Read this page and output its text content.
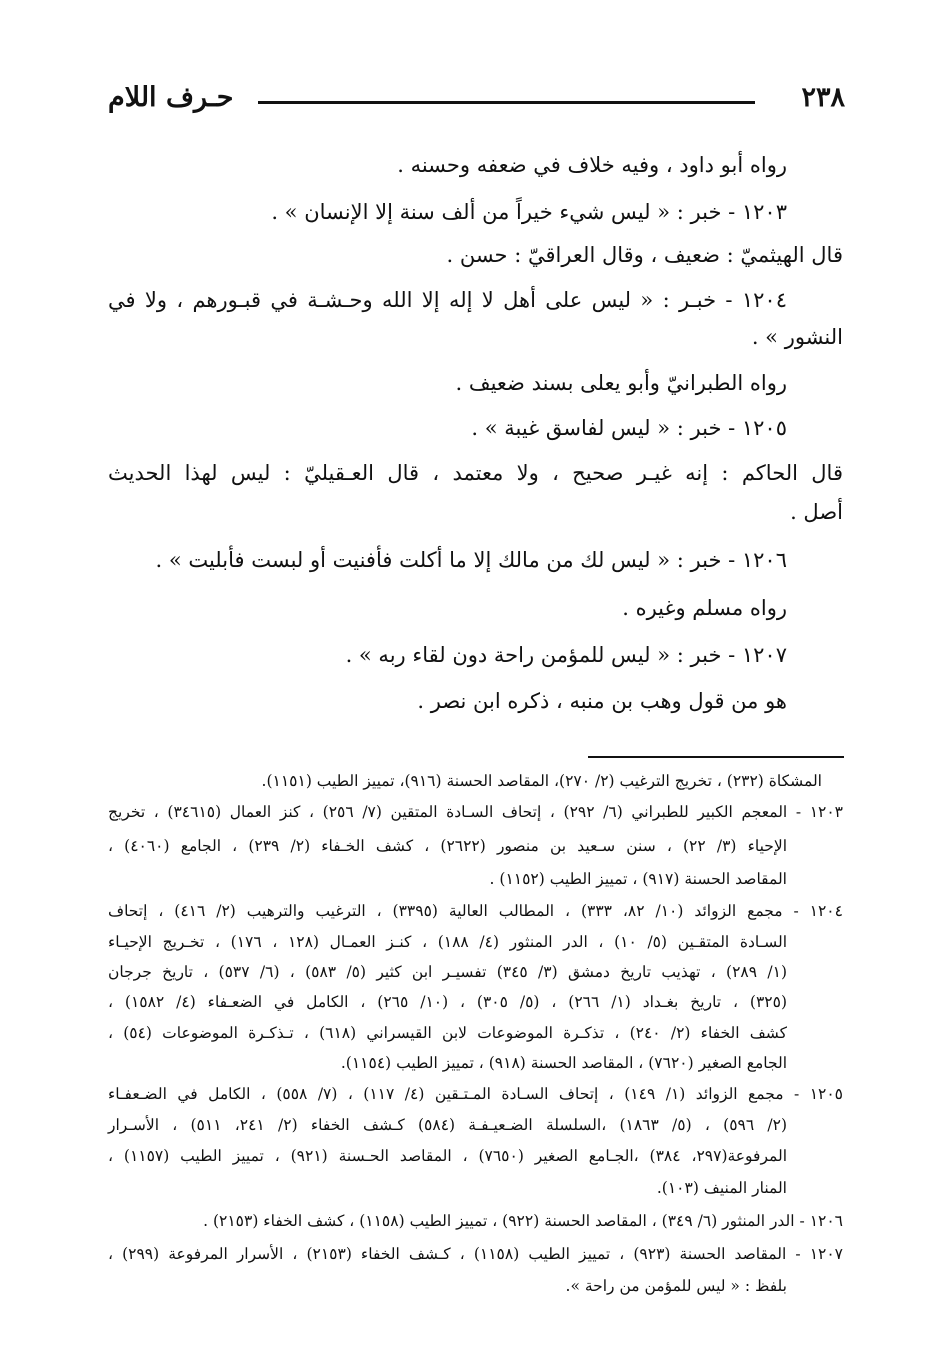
٢٣٨
حـرف اللام
رواه أبو داود ، وفيه خلاف في ضعفه وحسنه .
١٢٠٣ - خبر : « ليس شيء خيراً من ألف سنة إلا الإنسان » .
قال الهيثميّ : ضعيف ، وقال العراقيّ : حسن .
١٢٠٤ - خبـر : « ليس على أهل لا إله إلا الله وحـشـة في قبـورهم ، ولا في
النشور » .
رواه الطبرانيّ وأبو يعلى بسند ضعيف .
١٢٠٥ - خبر : « ليس لفاسق غيبة » .
قال الحاكم : إنه غيـر صحيح ، ولا معتمد ، قال العـقيليّ : ليس لهذا الحديث
أصل .
١٢٠٦ - خبر : « ليس لك من مالك إلا ما أكلت فأفنيت أو لبست فأبليت » .
رواه مسلم وغيره .
١٢٠٧ - خبر : « ليس للمؤمن راحة دون لقاء ربه » .
هو من قول وهب بن منبه ، ذكره ابن نصر .
المشكاة (٢٣٢) ، تخريج الترغيب (٢/ ٢٧٠)، المقاصد الحسنة (٩١٦)، تمييز الطيب (١١٥١).
١٢٠٣ - المعجم الكبير للطبراني (٦/ ٢٩٢) ، إتحاف السـادة المتقين (٧/ ٢٥٦) ، كنز العمال (٣٤٦١٥) ، تخريج
الإحياء (٣/ ٢٢) ، سنن سـعيد بن منصور (٢٦٢٢) ، كشف الخـفاء (٢/ ٢٣٩) ، الجامع (٤٠٦٠) ،
المقاصد الحسنة (٩١٧) ، تمييز الطيب (١١٥٢) .
١٢٠٤ - مجمع الزوائد (١٠/ ٨٢، ٣٣٣) ، المطالب العالية (٣٣٩٥) ، الترغيب والترهيب (٢/ ٤١٦) ، إتحاف
السـادة المتقـين (٥/ ١٠) ، الدر المنثور (٤/ ١٨٨) ، كنـز العمـال (١٢٨ ، ١٧٦) ، تخـريج الإحيـاء
(١/ ٢٨٩) ، تهذيب تاريخ دمشق (٣/ ٣٤٥) تفسيـر ابن كثير (٥/ ٥٨٣) ، (٦/ ٥٣٧) ، تاريخ جرجان
(٣٢٥) ، تاريخ بغـداد (١/ ٢٦٦) ، (٥/ ٣٠٥) ، (١٠/ ٢٦٥) ، الكامل في الضعـفاء (٤/ ١٥٨٢) ،
كشف الخفاء (٢/ ٢٤٠) ، تذكـرة الموضوعات لابن القيسراني (٦١٨) ، تـذكـرة الموضوعات (٥٤) ،
الجامع الصغير (٧٦٢٠) ، المقاصد الحسنة (٩١٨) ، تمييز الطيب (١١٥٤).
١٢٠٥ - مجمع الزوائد (١/ ١٤٩) ، إتحاف السـادة المـتـقين (٤/ ١١٧) ، (٧/ ٥٥٨) ، الكامل في الضـعفـاء
(٢/ ٥٩٦) ، (٥/ ١٨٦٣) ،السلسلة الضـعيـفـة (٥٨٤) كـشف الخفاء (٢/ ٢٤١، ٥١١) ، الأسـرار
المرفوعة(٢٩٧، ٣٨٤) ،الجـامع الصغير (٧٦٥٠) ، المقاصد الحـسنة (٩٢١) ، تمييز الطيب (١١٥٧) ،
المنار المنيف (١٠٣).
١٢٠٦ - الدر المنثور (٦/ ٣٤٩) ، المقاصد الحسنة (٩٢٢) ، تمييز الطيب (١١٥٨) ، كشف الخفاء (٢١٥٣) .
١٢٠٧ - المقاصد الحسنة (٩٢٣) ، تمييز الطيب (١١٥٨) ، كـشف الخفاء (٢١٥٣) ، الأسرار المرفوعة (٢٩٩) ،
بلفظ : « ليس للمؤمن من راحة ».
